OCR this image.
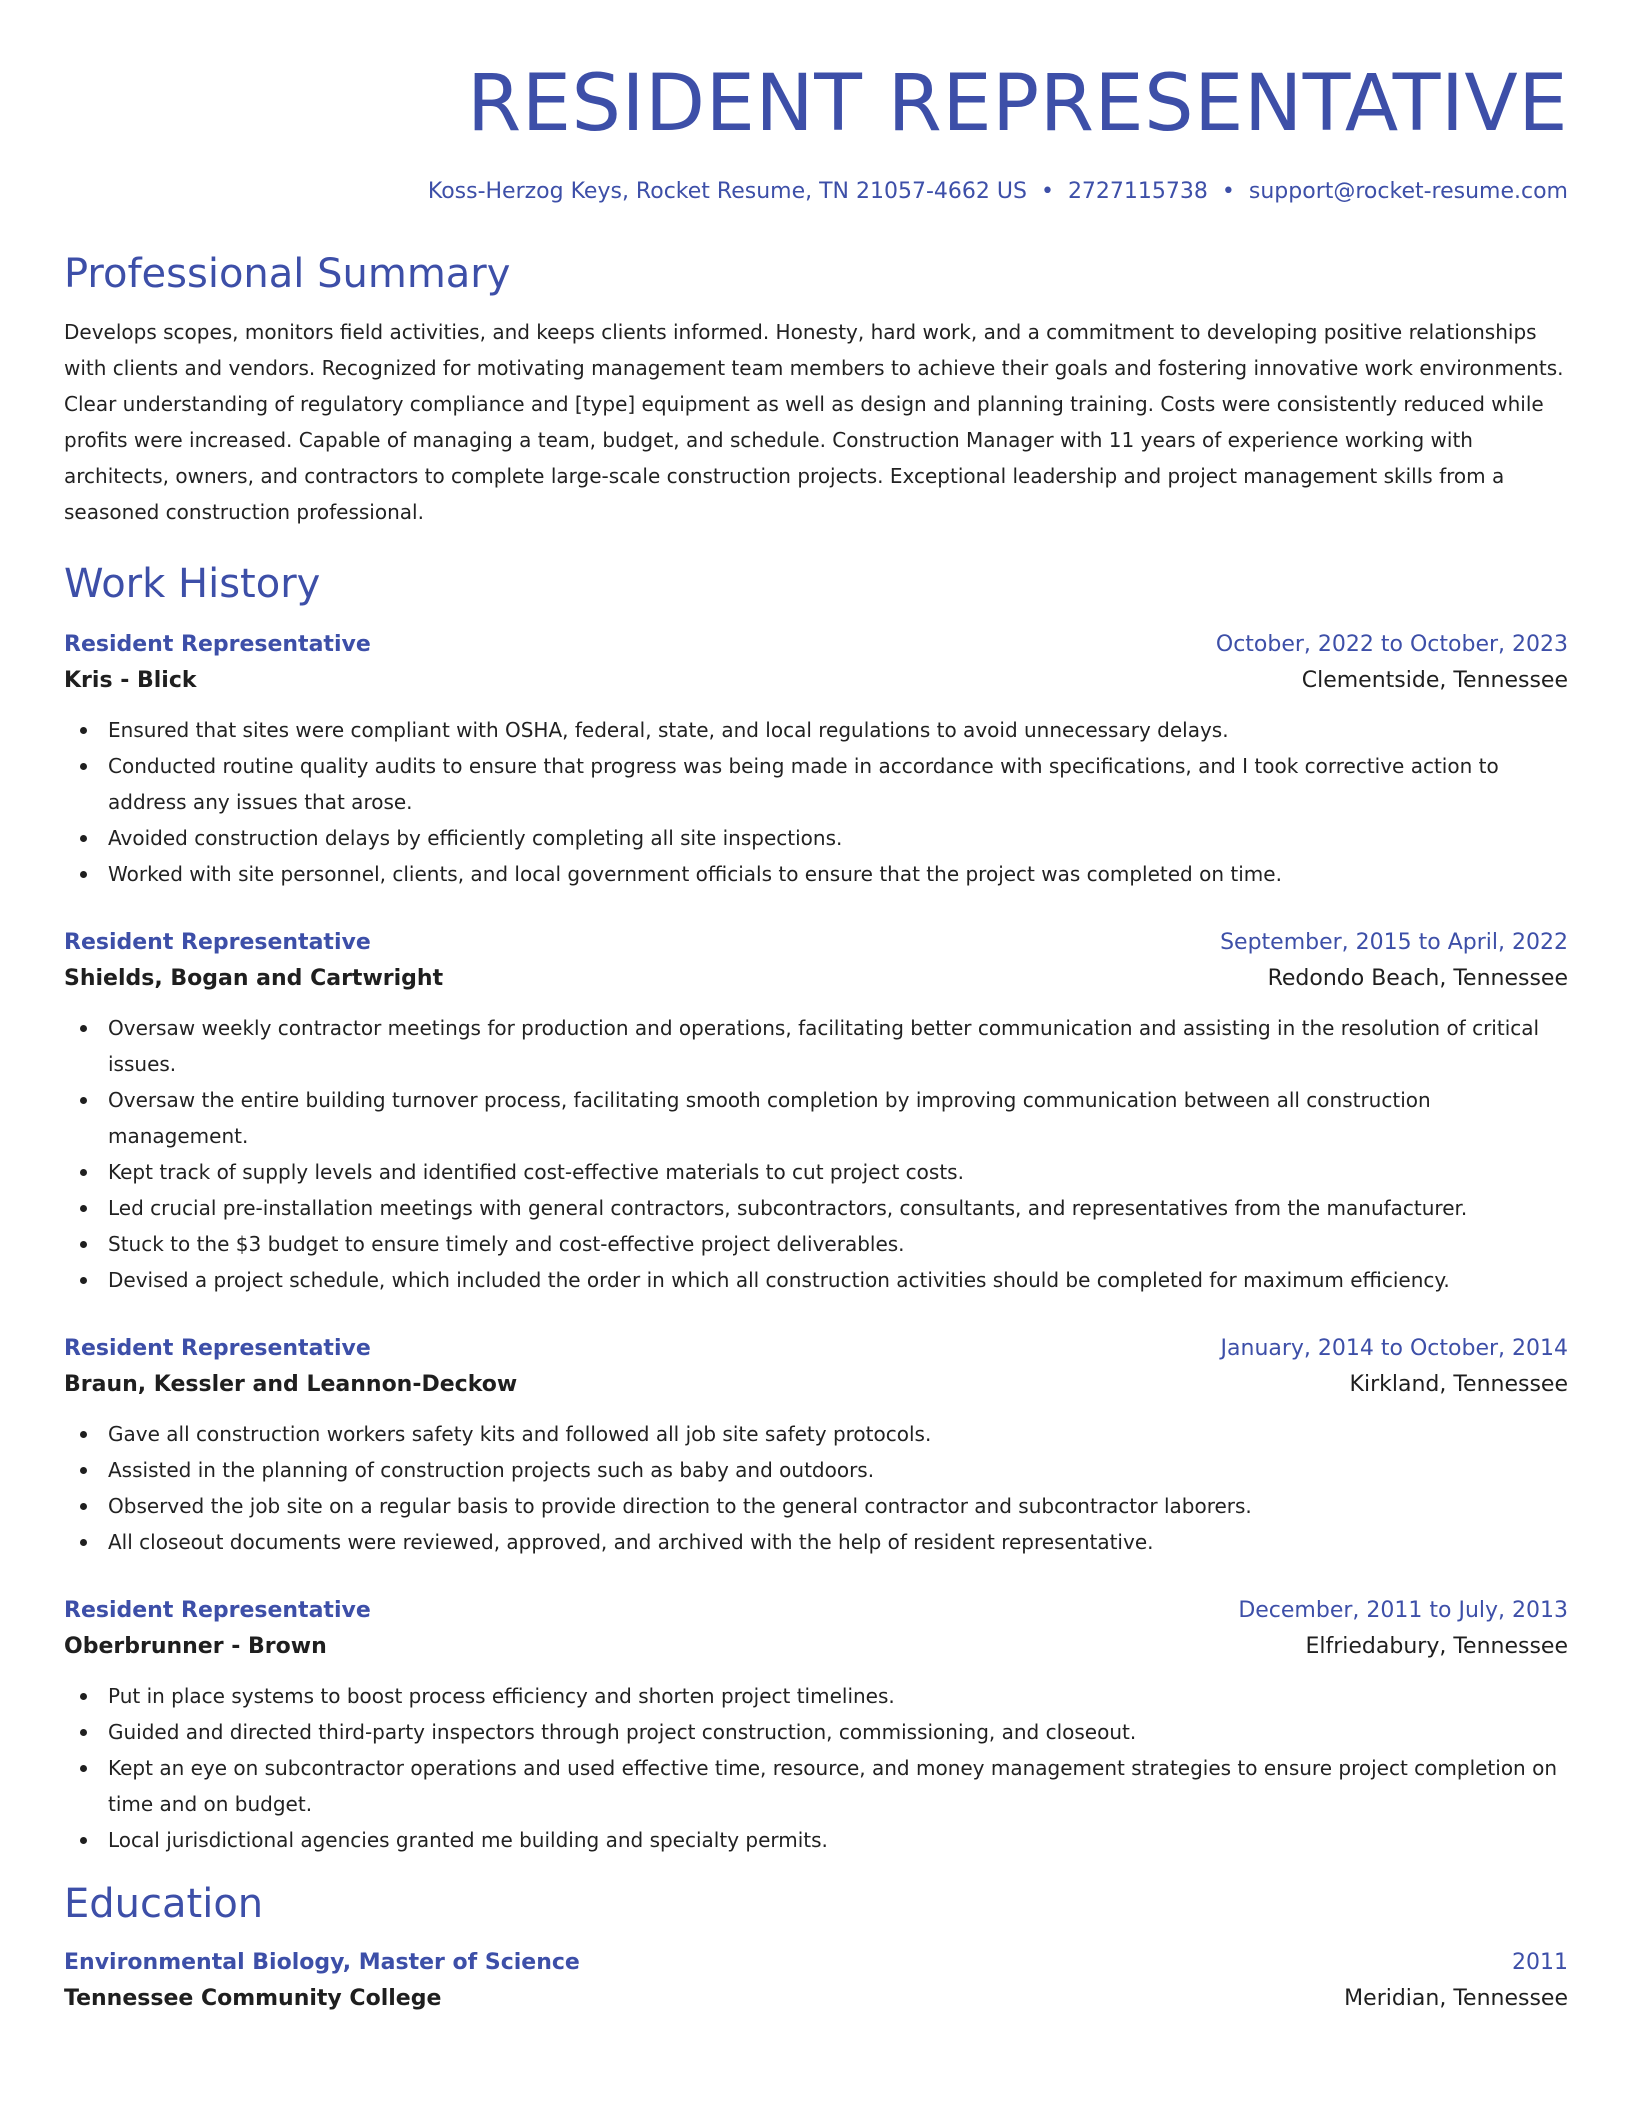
RESIDENT REPRESENTATIVE
Koss-Herzog Keys, Rocket Resume, TN 21057-4662 US • 2727115738 • support@rocket-resume.com
Professional Summary

Develops scopes, monitors field activities, and keeps clients informed. Honesty, hard work, and a commitment to developing positive relationships with clients and vendors. Recognized for motivating management team members to achieve their goals and fostering innovative work environments. Clear understanding of regulatory compliance and [type] equipment as well as design and planning training. Costs were consistently reduced while profits were increased. Capable of managing a team, budget, and schedule. Construction Manager with 11 years of experience working with architects, owners, and contractors to complete large-scale construction projects. Exceptional leadership and project management skills from a seasoned construction professional.

Work History
Resident Representative	October, 2022 to October, 2023
Kris - Blick	Clementside, Tennessee
Ensured that sites were compliant with OSHA, federal, state, and local regulations to avoid unnecessary delays.
Conducted routine quality audits to ensure that progress was being made in accordance with specifications, and I took corrective action to address any issues that arose.
Avoided construction delays by efficiently completing all site inspections.
Worked with site personnel, clients, and local government officials to ensure that the project was completed on time.
Resident Representative	September, 2015 to April, 2022
Shields, Bogan and Cartwright	Redondo Beach, Tennessee
Oversaw weekly contractor meetings for production and operations, facilitating better communication and assisting in the resolution of critical issues.
Oversaw the entire building turnover process, facilitating smooth completion by improving communication between all construction management.
Kept track of supply levels and identified cost-effective materials to cut project costs.
Led crucial pre-installation meetings with general contractors, subcontractors, consultants, and representatives from the manufacturer.
Stuck to the $3 budget to ensure timely and cost-effective project deliverables.
Devised a project schedule, which included the order in which all construction activities should be completed for maximum efficiency.
Resident Representative	January, 2014 to October, 2014
Braun, Kessler and Leannon-Deckow	Kirkland, Tennessee
Gave all construction workers safety kits and followed all job site safety protocols.
Assisted in the planning of construction projects such as baby and outdoors.
Observed the job site on a regular basis to provide direction to the general contractor and subcontractor laborers.
All closeout documents were reviewed, approved, and archived with the help of resident representative.
Resident Representative	December, 2011 to July, 2013
Oberbrunner - Brown	Elfriedabury, Tennessee
Put in place systems to boost process efficiency and shorten project timelines.
Guided and directed third-party inspectors through project construction, commissioning, and closeout.
Kept an eye on subcontractor operations and used effective time, resource, and money management strategies to ensure project completion on time and on budget.
Local jurisdictional agencies granted me building and specialty permits.
Education
Environmental Biology, Master of Science	2011
Tennessee Community College	Meridian, Tennessee
